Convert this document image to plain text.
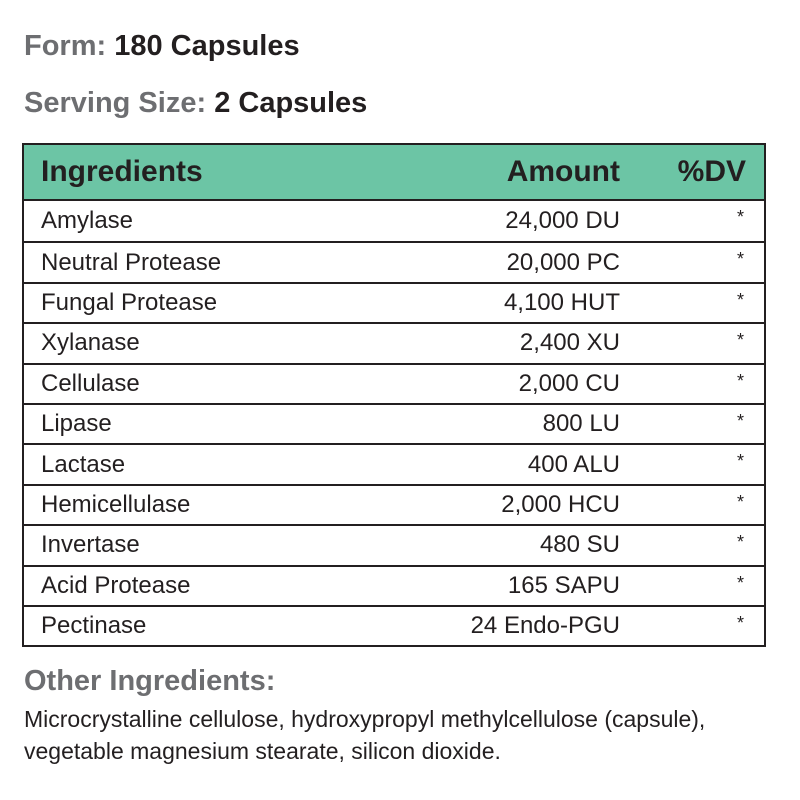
Form: 180 Capsules
Serving Size: 2 Capsules
Ingredients	Amount	%DV
Amylase	24,000 DU	*
Neutral Protease	20,000 PC	*
Fungal Protease	4,100 HUT	*
Xylanase	2,400 XU	*
Cellulase	2,000 CU	*
Lipase	800 LU	*
Lactase	400 ALU	*
Hemicellulase	2,000 HCU	*
Invertase	480 SU	*
Acid Protease	165 SAPU	*
Pectinase	24 Endo-PGU	*
Other Ingredients:
Microcrystalline cellulose, hydroxypropyl methylcellulose (capsule), vegetable magnesium stearate, silicon dioxide.
